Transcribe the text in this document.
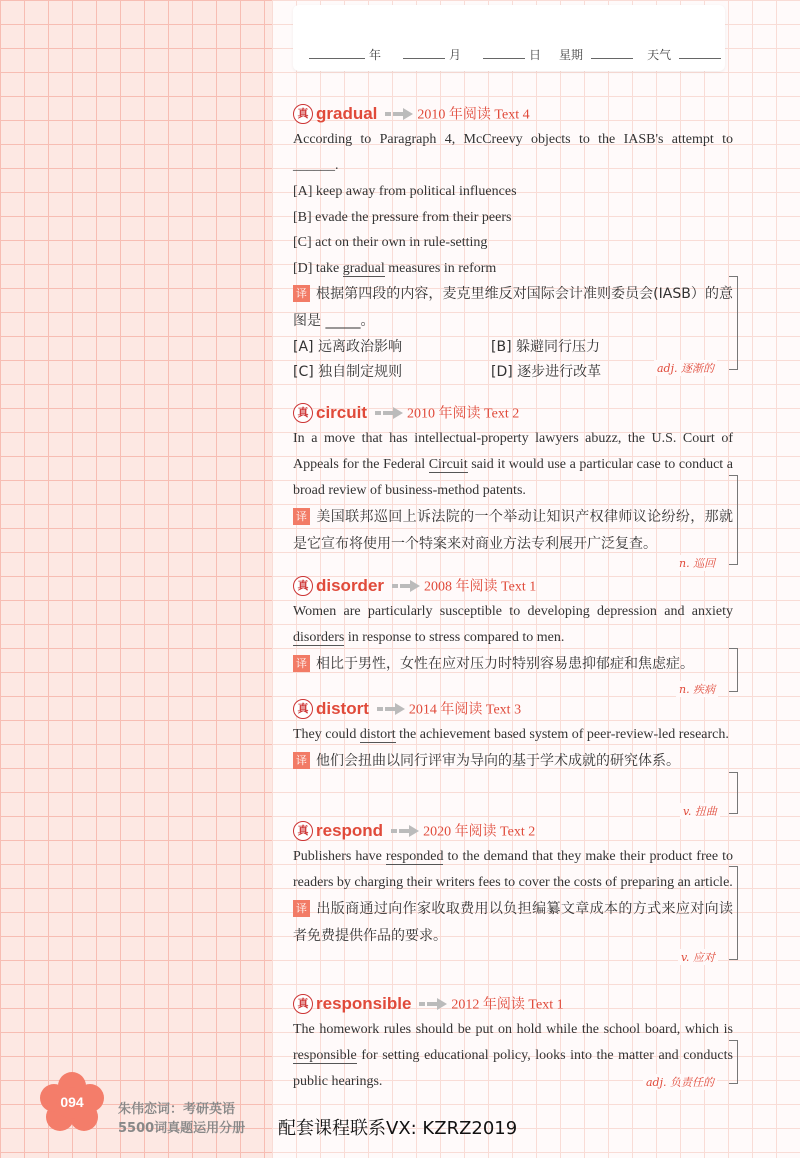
年	月	日 星期	天气
真 gradual	2010 年阅读 Text 4

According to Paragraph 4, McCreevy objects to the IASB's attempt to ______.

[A] keep away from political influences

[B] evade the pressure from their peers

[C] act on their own in rule-setting

[D] take gradual measures in reform

译 根据第四段的内容，麦克里维反对国际会计准则委员会(IASB）的意图是 _____。

[A] 远离政治影响	[B] 躲避同行压力
[C] 独自制定规则	[D] 逐步进行改革	adj. 逐渐的
真 circuit	2010 年阅读 Text 2

In a move that has intellectual-property lawyers abuzz, the U.S. Court of Appeals for the Federal Circuit said it would use a particular case to conduct a broad review of business-method patents.

译 美国联邦巡回上诉法院的一个举动让知识产权律师议论纷纷，那就是它宣布将使用一个特案来对商业方法专利展开广泛复查。

n. 巡回
真 disorder	2008 年阅读 Text 1

Women are particularly susceptible to developing depression and anxiety disorders in response to stress compared to men.

译 相比于男性，女性在应对压力时特别容易患抑郁症和焦虑症。

n. 疾病
真 distort	2014 年阅读 Text 3

They could distort the achievement based system of peer-review-led research.

译 他们会扭曲以同行评审为导向的基于学术成就的研究体系。

v. 扭曲
真 respond	2020 年阅读 Text 2

Publishers have responded to the demand that they make their product free to readers by charging their writers fees to cover the costs of preparing an article.

译 出版商通过向作家收取费用以负担编纂文章成本的方式来应对向读者免费提供作品的要求。

v. 应对
真 responsible	2012 年阅读 Text 1

The homework rules should be put on hold while the school board, which is responsible for setting educational policy, looks into the matter and conducts public hearings.	adj. 负责任的
094	朱伟恋词：考研英语
5500词真题运用分册 配套课程联系VX: KZRZ2019
